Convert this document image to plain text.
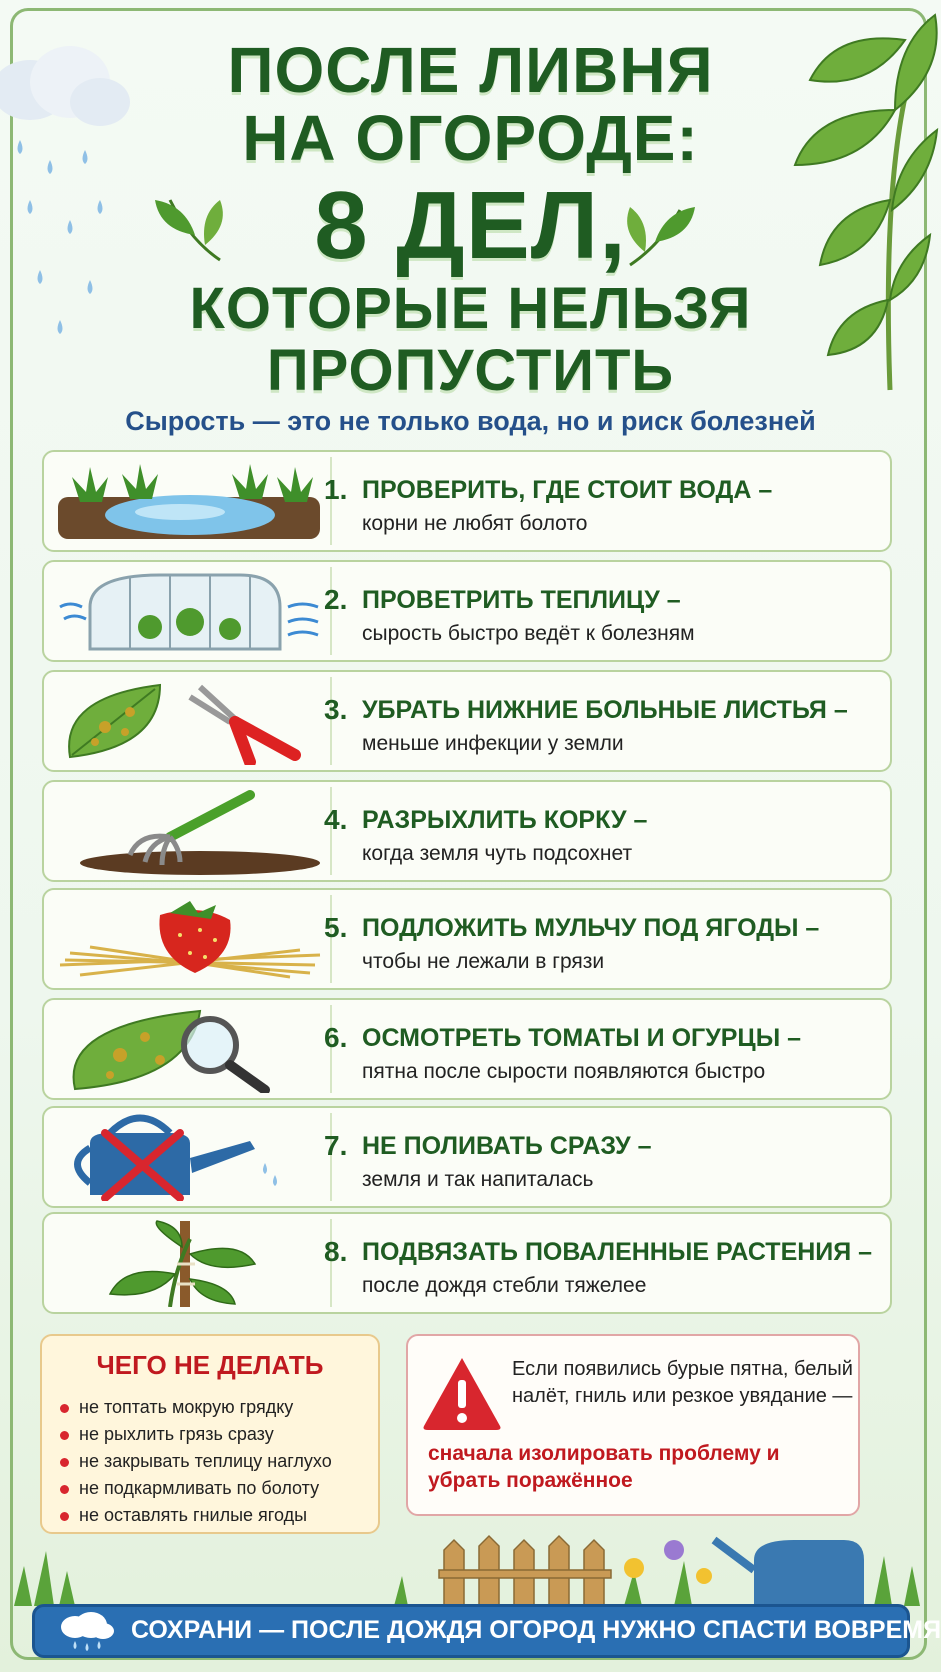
ПОСЛЕ ЛИВНЯ
НА ОГОРОДЕ:
8 ДЕЛ,
КОТОРЫЕ НЕЛЬЗЯ
ПРОПУСТИТЬ
Сырость — это не только вода, но и риск болезней
1. ПРОВЕРИТЬ, ГДЕ СТОИТ ВОДА –
корни не любят болото
2. ПРОВЕТРИТЬ ТЕПЛИЦУ –
сырость быстро ведёт к болезням
3. УБРАТЬ НИЖНИЕ БОЛЬНЫЕ ЛИСТЬЯ –
меньше инфекции у земли
4. РАЗРЫХЛИТЬ КОРКУ –
когда земля чуть подсохнет
5. ПОДЛОЖИТЬ МУЛЬЧУ ПОД ЯГОДЫ –
чтобы не лежали в грязи
6. ОСМОТРЕТЬ ТОМАТЫ И ОГУРЦЫ –
пятна после сырости появляются быстро
7. НЕ ПОЛИВАТЬ СРАЗУ –
земля и так напиталась
8. ПОДВЯЗАТЬ ПОВАЛЕННЫЕ РАСТЕНИЯ –
после дождя стебли тяжелее
ЧЕГО НЕ ДЕЛАТЬ
не топтать мокрую грядку
не рыхлить грязь сразу
не закрывать теплицу наглухо
не подкармливать по болоту
не оставлять гнилые ягоды
Если появились бурые пятна, белый налёт, гниль или резкое увядание —
сначала изолировать проблему и убрать поражённое
СОХРАНИ — ПОСЛЕ ДОЖДЯ ОГОРОД НУЖНО СПАСТИ ВОВРЕМЯ
